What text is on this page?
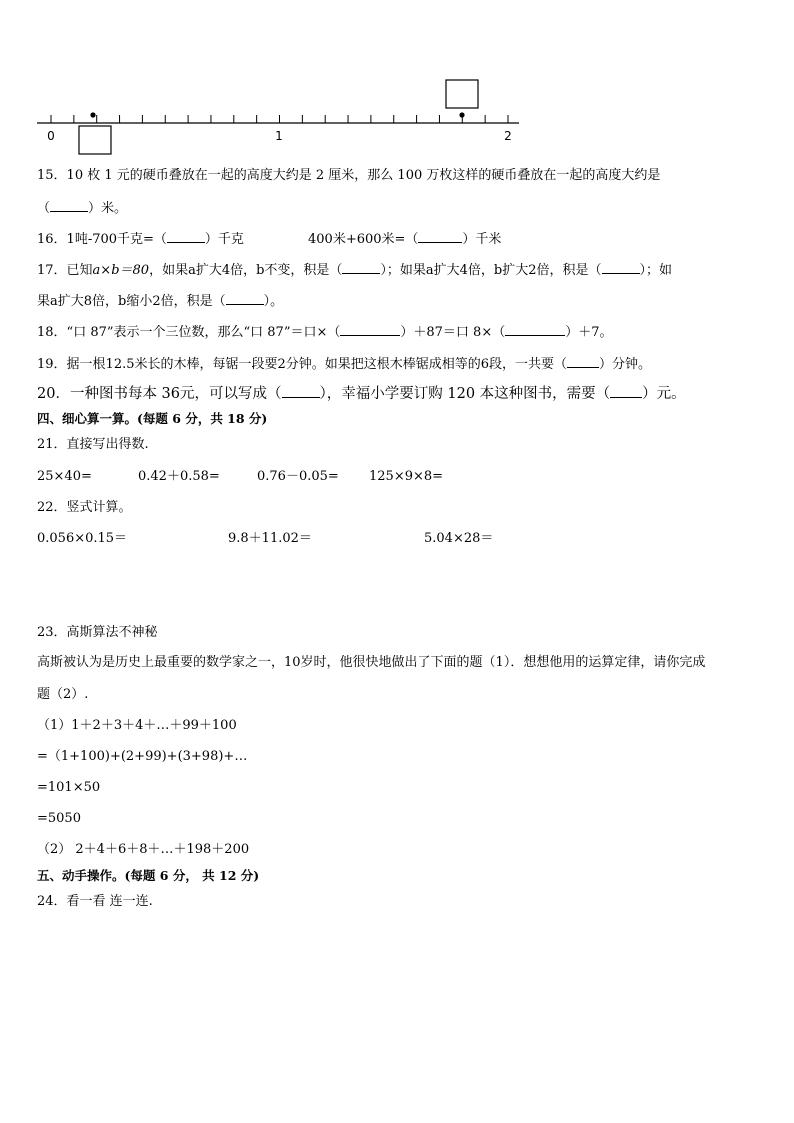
0	1	2
15．10 枚 1 元的硬币叠放在一起的高度大约是 2 厘米，那么 100 万枚这样的硬币叠放在一起的高度大约是
（	）米。
16．1吨-700千克=（	）千克	400米+600米=（	）千米
17．已知a×b＝80，如果a扩大4倍，b不变，积是（	）；如果a扩大4倍，b扩大2倍，积是（	）；如
果a扩大8倍，b缩小2倍，积是（	）。
18．“口 87”表示一个三位数，那么“口 87”＝口×（	）＋87＝口 8×（	）＋7。
19．据一根12.5米长的木棒，每锯一段要2分钟。如果把这根木棒锯成相等的6段，一共要（ ）分钟。
20．一种图书每本 36元，可以写成（	），幸福小学要订购 120 本这种图书，需要（ ）元。
四、细心算一算。(每题 6 分，共 18 分)
21．直接写出得数.
25×40=	0.42＋0.58=	0.76－0.05= 125×9×8=
22．竖式计算。
0.056×0.15＝	9.8＋11.02＝	5.04×28＝
23．高斯算法不神秘
高斯被认为是历史上最重要的数学家之一，10岁时，他很快地做出了下面的题（1）．想想他用的运算定律，请你完成
题（2）.
（1）1＋2＋3＋4＋…＋99＋100
=（1+100)+(2+99)+(3+98)+…
=101×50
=5050
（2） 2＋4＋6＋8＋…＋198＋200
五、动手操作。(每题 6 分， 共 12 分)
24．看一看 连一连.
